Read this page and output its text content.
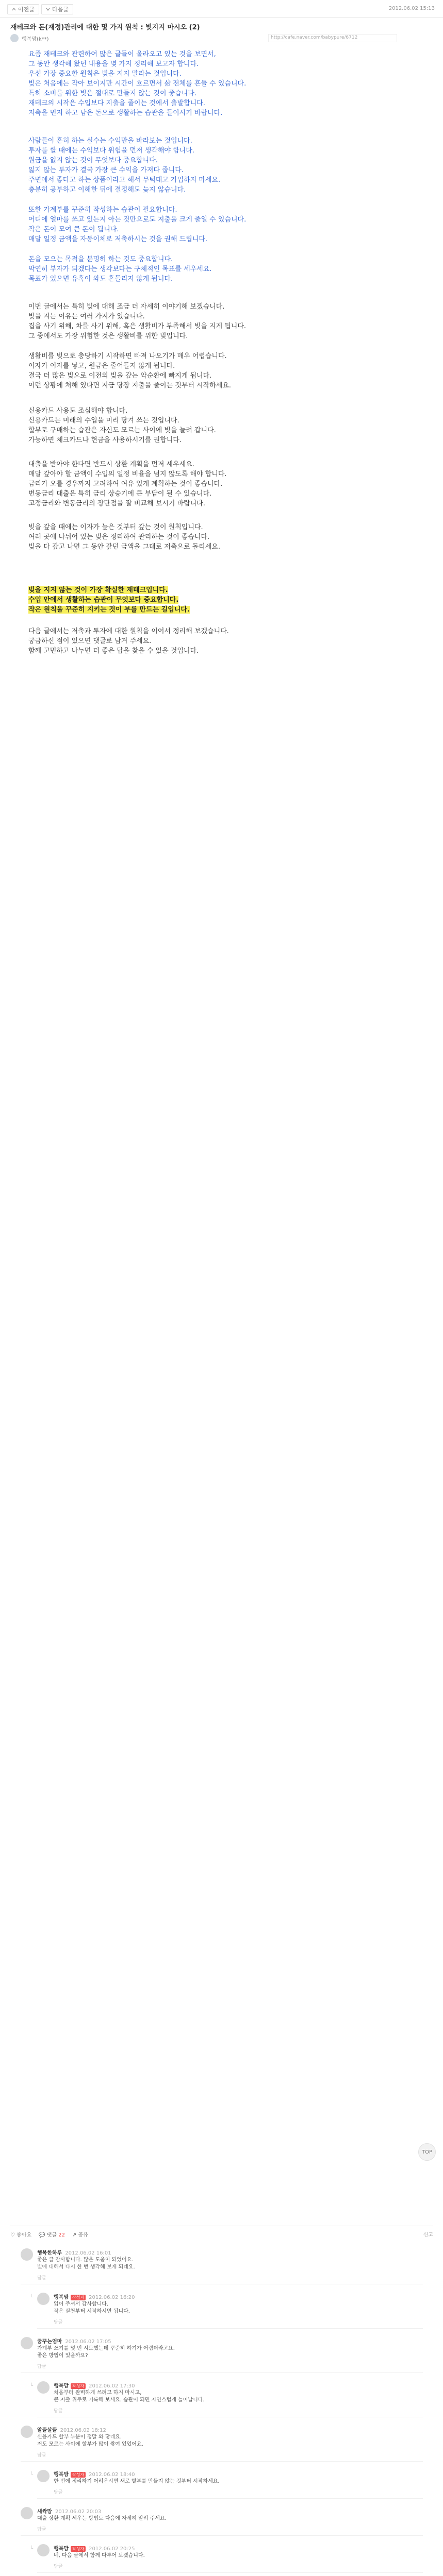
이전글	다음글	2012.06.02 15:13
재테크와 돈(재정)관리에 대한 몇 가지 원칙 : 빚지지 마시오 (2)
행복맘(k**)	http://cafe.naver.com/babypure/6712

요즘 재테크와 관련하여 많은 글들이 올라오고 있는 것을 보면서,

그 동안 생각해 왔던 내용을 몇 가지 정리해 보고자 합니다.

우선 가장 중요한 원칙은 빚을 지지 말라는 것입니다.

빚은 처음에는 작아 보이지만 시간이 흐르면서 삶 전체를 흔들 수 있습니다.

특히 소비를 위한 빚은 절대로 만들지 않는 것이 좋습니다.

재테크의 시작은 수입보다 지출을 줄이는 것에서 출발합니다.

저축을 먼저 하고 남은 돈으로 생활하는 습관을 들이시기 바랍니다.

사람들이 흔히 하는 실수는 수익만을 바라보는 것입니다.

투자를 할 때에는 수익보다 위험을 먼저 생각해야 합니다.

원금을 잃지 않는 것이 무엇보다 중요합니다.

잃지 않는 투자가 결국 가장 큰 수익을 가져다 줍니다.

주변에서 좋다고 하는 상품이라고 해서 무턱대고 가입하지 마세요.

충분히 공부하고 이해한 뒤에 결정해도 늦지 않습니다.

또한 가계부를 꾸준히 작성하는 습관이 필요합니다.

어디에 얼마를 쓰고 있는지 아는 것만으로도 지출을 크게 줄일 수 있습니다.

작은 돈이 모여 큰 돈이 됩니다.

매달 일정 금액을 자동이체로 저축하시는 것을 권해 드립니다.

돈을 모으는 목적을 분명히 하는 것도 중요합니다.

막연히 부자가 되겠다는 생각보다는 구체적인 목표를 세우세요.

목표가 있으면 유혹이 와도 흔들리지 않게 됩니다.

이번 글에서는 특히 빚에 대해 조금 더 자세히 이야기해 보겠습니다.

빚을 지는 이유는 여러 가지가 있습니다.

집을 사기 위해, 차를 사기 위해, 혹은 생활비가 부족해서 빚을 지게 됩니다.

그 중에서도 가장 위험한 것은 생활비를 위한 빚입니다.

생활비를 빚으로 충당하기 시작하면 빠져 나오기가 매우 어렵습니다.

이자가 이자를 낳고, 원금은 줄어들지 않게 됩니다.

결국 더 많은 빚으로 이전의 빚을 갚는 악순환에 빠지게 됩니다.

이런 상황에 처해 있다면 지금 당장 지출을 줄이는 것부터 시작하세요.

신용카드 사용도 조심해야 합니다.

신용카드는 미래의 수입을 미리 당겨 쓰는 것입니다.

할부로 구매하는 습관은 자신도 모르는 사이에 빚을 늘려 갑니다.

가능하면 체크카드나 현금을 사용하시기를 권합니다.

대출을 받아야 한다면 반드시 상환 계획을 먼저 세우세요.

매달 갚아야 할 금액이 수입의 일정 비율을 넘지 않도록 해야 합니다.

금리가 오를 경우까지 고려하여 여유 있게 계획하는 것이 좋습니다.

변동금리 대출은 특히 금리 상승기에 큰 부담이 될 수 있습니다.

고정금리와 변동금리의 장단점을 잘 비교해 보시기 바랍니다.

빚을 갚을 때에는 이자가 높은 것부터 갚는 것이 원칙입니다.

여러 곳에 나뉘어 있는 빚은 정리하여 관리하는 것이 좋습니다.

빚을 다 갚고 나면 그 동안 갚던 금액을 그대로 저축으로 돌리세요.

빚을 지지 않는 것이 가장 확실한 재테크입니다.

수입 안에서 생활하는 습관이 무엇보다 중요합니다.

작은 원칙을 꾸준히 지키는 것이 부를 만드는 길입니다.

다음 글에서는 저축과 투자에 대한 원칙을 이어서 정리해 보겠습니다.

궁금하신 점이 있으면 댓글로 남겨 주세요.

함께 고민하고 나누면 더 좋은 답을 찾을 수 있을 것입니다.

TOP
♡ 좋아요 💬 댓글 22 ↗ 공유	신고
행복한하루 2012.06.02 16:01
좋은 글 감사합니다. 많은 도움이 되었어요.
빚에 대해서 다시 한 번 생각해 보게 되네요.
답글
└	행복맘 작성자 2012.06.02 16:20
읽어 주셔서 감사합니다.
작은 실천부터 시작하시면 됩니다.
답글
꿈꾸는엄마 2012.06.02 17:05
가계부 쓰기를 몇 번 시도했는데 꾸준히 하기가 어렵더라고요.
좋은 방법이 있을까요?
답글
└	행복맘 작성자 2012.06.02 17:30
처음부터 완벽하게 쓰려고 하지 마시고,
큰 지출 위주로 기록해 보세요. 습관이 되면 자연스럽게 늘어납니다.
답글
알뜰살뜰 2012.06.02 18:12
신용카드 할부 부분이 정말 와 닿네요.
저도 모르는 사이에 할부가 많이 쌓여 있었어요.
답글
└	행복맘 작성자 2012.06.02 18:40
한 번에 정리하기 어려우시면 새로 할부를 만들지 않는 것부터 시작하세요.
답글
새싹맘 2012.06.02 20:03
대출 상환 계획 세우는 방법도 다음에 자세히 알려 주세요.
답글
└	행복맘 작성자 2012.06.02 20:25
네, 다음 글에서 함께 다루어 보겠습니다.
답글
